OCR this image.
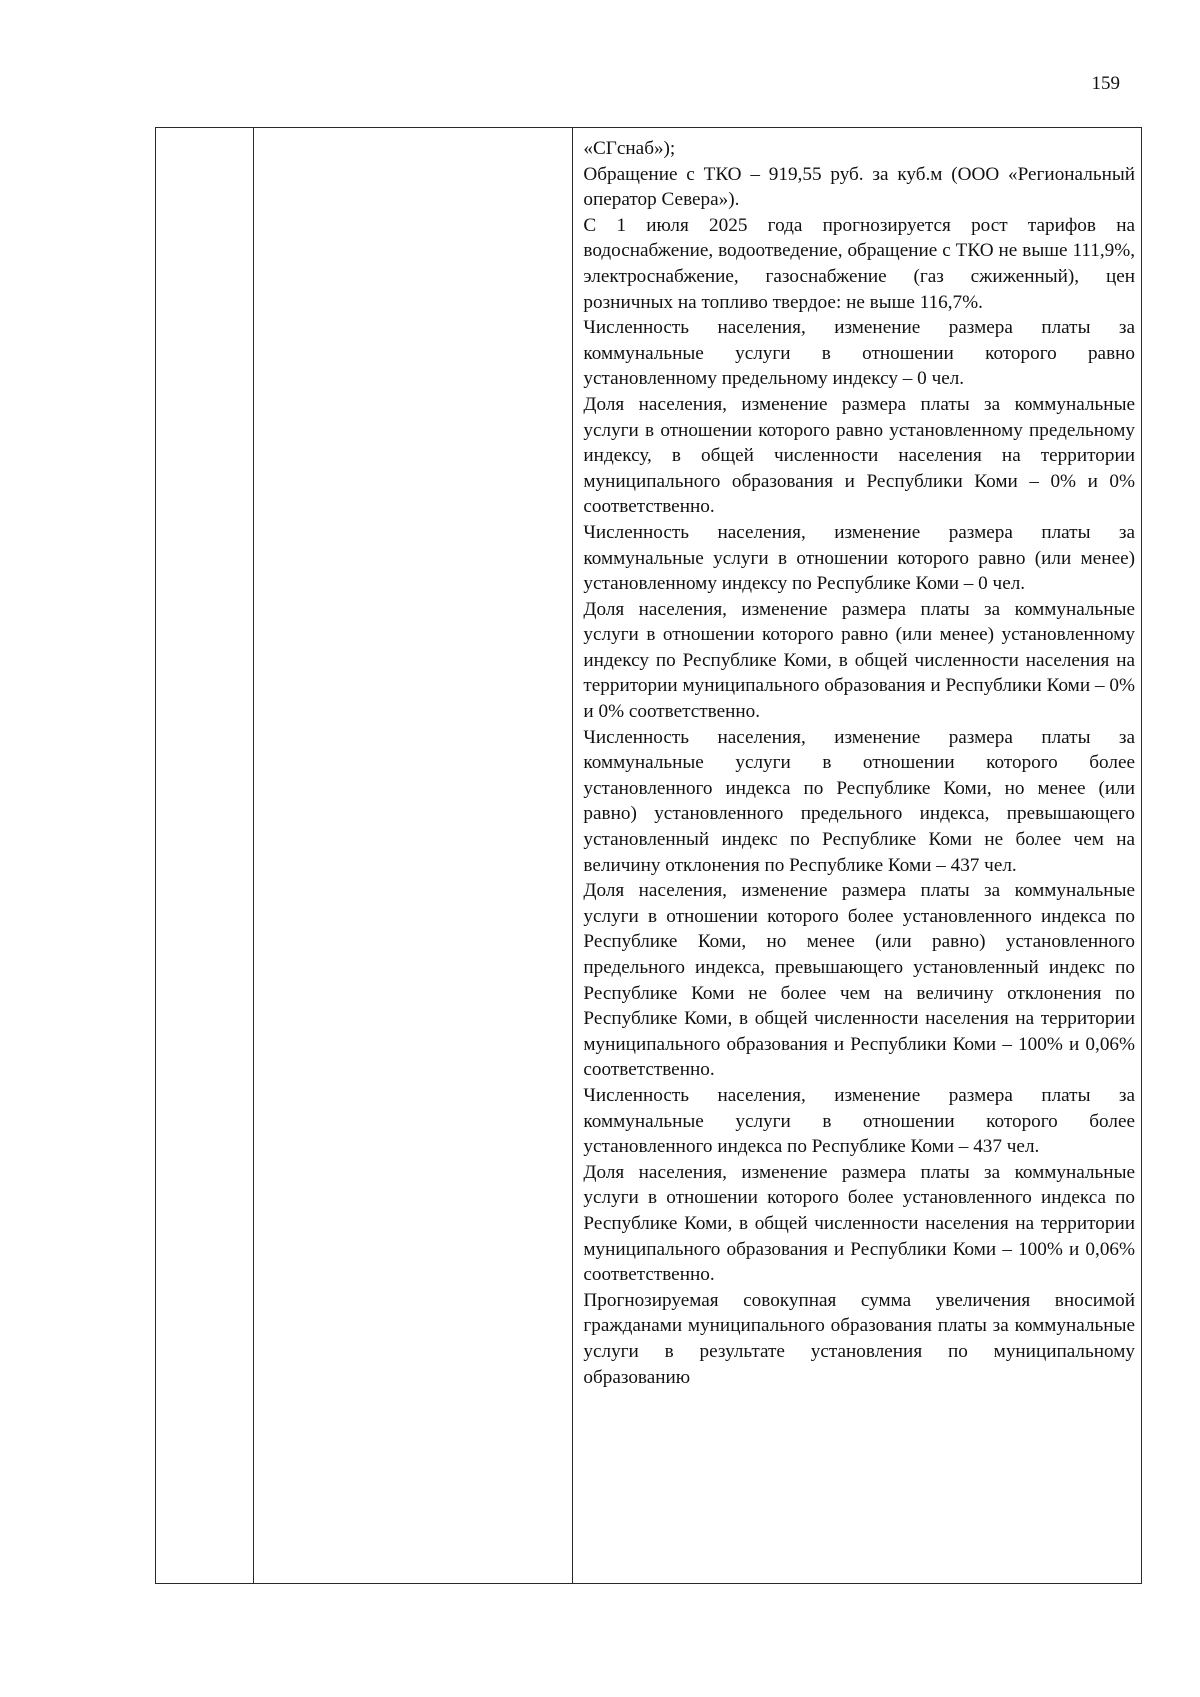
159

«СГснаб»);

Обращение с ТКО – 919,55 руб. за куб.м (ООО «Региональный оператор Севера»).

С 1 июля 2025 года прогнозируется рост тарифов на водоснабжение, водоотведение, обращение с ТКО не выше 111,9%, электроснабжение, газоснабжение (газ сжиженный), цен розничных на топливо твердое: не выше 116,7%.

Численность населения, изменение размера платы за коммунальные услуги в отношении которого равно установленному предельному индексу – 0 чел.

Доля населения, изменение размера платы за коммунальные услуги в отношении которого равно установленному предельному индексу, в общей численности населения на территории муниципального образования и Республики Коми – 0% и 0% соответственно.

Численность населения, изменение размера платы за коммунальные услуги в отношении которого равно (или менее) установленному индексу по Республике Коми – 0 чел.

Доля населения, изменение размера платы за коммунальные услуги в отношении которого равно (или менее) установленному индексу по Республике Коми, в общей численности населения на территории муниципального образования и Республики Коми – 0% и 0% соответственно.

Численность населения, изменение размера платы за коммунальные услуги в отношении которого более установленного индекса по Республике Коми, но менее (или равно) установленного предельного индекса, превышающего установленный индекс по Республике Коми не более чем на величину отклонения по Республике Коми – 437 чел.

Доля населения, изменение размера платы за коммунальные услуги в отношении которого более установленного индекса по Республике Коми, но менее (или равно) установленного предельного индекса, превышающего установленный индекс по Республике Коми не более чем на величину отклонения по Республике Коми, в общей численности населения на территории муниципального образования и Республики Коми – 100% и 0,06% соответственно.

Численность населения, изменение размера платы за коммунальные услуги в отношении которого более установленного индекса по Республике Коми – 437 чел.

Доля населения, изменение размера платы за коммунальные услуги в отношении которого более установленного индекса по Республике Коми, в общей численности населения на территории муниципального образования и Республики Коми – 100% и 0,06% соответственно.

Прогнозируемая совокупная сумма увеличения вносимой гражданами муниципального образования платы за коммунальные услуги в результате установления по муниципальному образованию
